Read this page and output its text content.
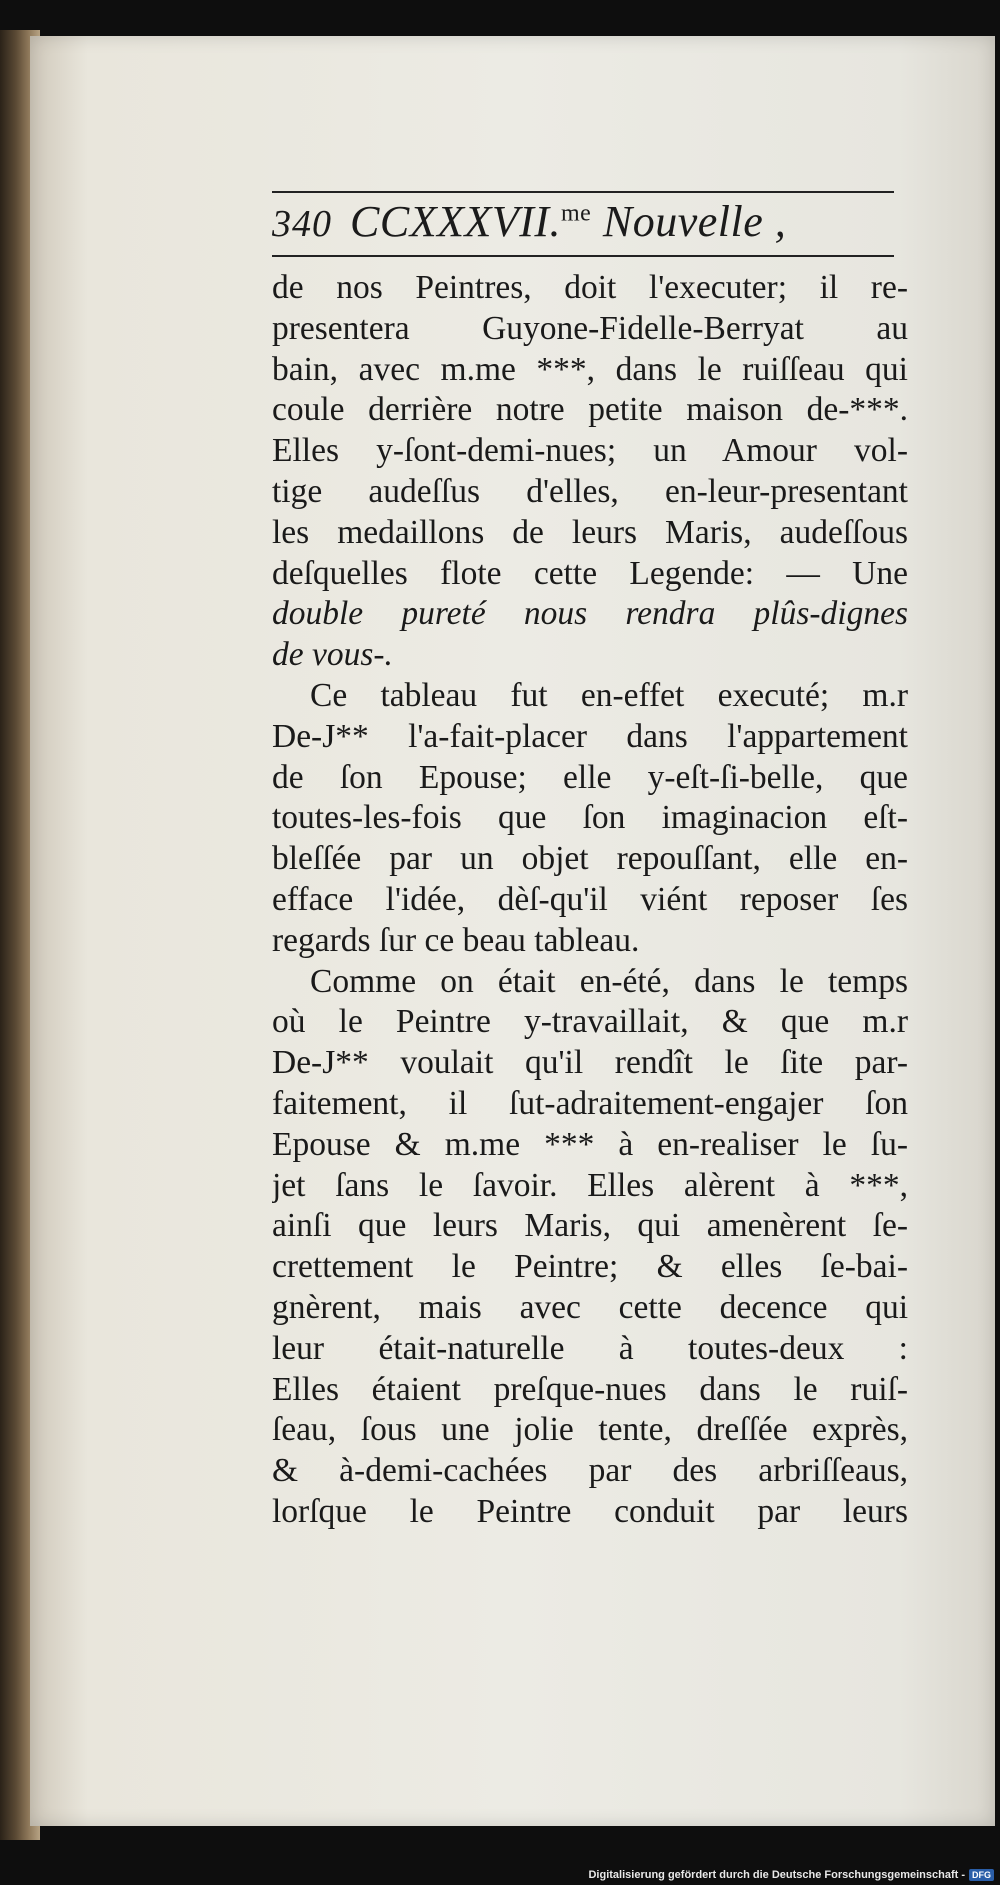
340 CCXXXVII.$^{me}$ Nouvelle ,
de nos Peintres, doit l'executer; il re-
presentera Guyone-Fidelle-Berryat au
bain, avec m.me ***, dans le ruiſſeau qui
coule derrière notre petite maison de-***.
Elles y-ſont-demi-nues; un Amour vol-
tige audeſſus d'elles, en-leur-presentant
les medaillons de leurs Maris, audeſſous
deſquelles flote cette Legende: — Une
double pureté nous rendra plûs-dignes
de vous-.
Ce tableau fut en-effet executé; m.r
De-J** l'a-fait-placer dans l'appartement
de ſon Epouse; elle y-eſt-ſi-belle, que
toutes-les-fois que ſon imaginacion eſt-
bleſſée par un objet repouſſant, elle en-
efface l'idée, dèſ-qu'il viént reposer ſes
regards ſur ce beau tableau.
Comme on était en-été, dans le temps
où le Peintre y-travaillait, & que m.r
De-J** voulait qu'il rendît le ſite par-
faitement, il ſut-adraitement-engajer ſon
Epouse & m.me *** à en-realiser le ſu-
jet ſans le ſavoir. Elles alèrent à ***,
ainſi que leurs Maris, qui amenèrent ſe-
crettement le Peintre; & elles ſe-bai-
gnèrent, mais avec cette decence qui
leur était-naturelle à toutes-deux :
Elles étaient preſque-nues dans le ruiſ-
ſeau, ſous une jolie tente, dreſſée exprès,
& à-demi-cachées par des arbriſſeaus,
lorſque le Peintre conduit par leurs
Digitalisierung gefördert durch die Deutsche Forschungsgemeinschaft - DFG
